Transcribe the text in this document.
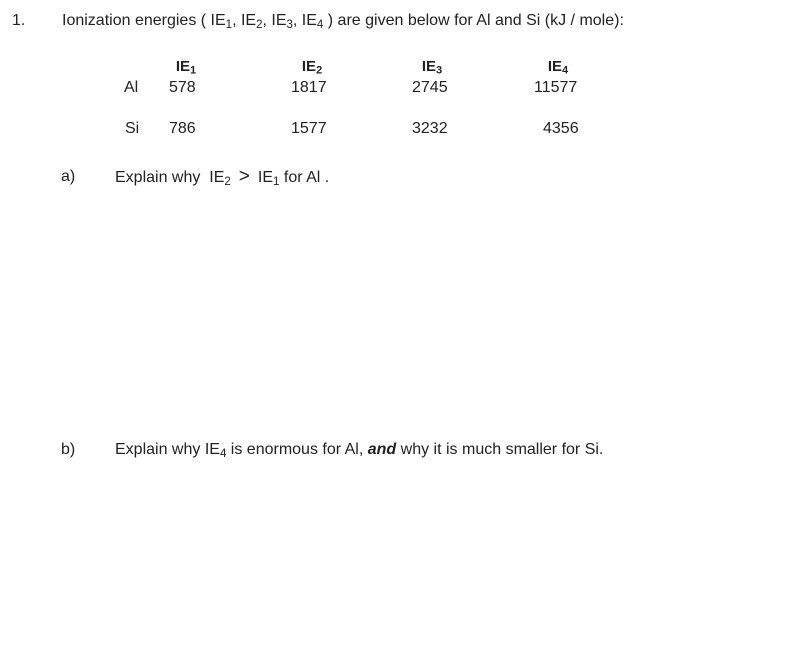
1. Ionization energies ( $IE_1$, $IE_2$, $IE_3$, $IE_4$ ) are given below for Al and Si (kJ / mole):
$IE_1$	$IE_2$	$IE_3$	$IE_4$
Al 578	1817	2745	11577
Si 786	1577	3232	4356
a) Explain why  $IE_2 > IE_1$ for Al .
b) Explain why $IE_4$ is enormous for Al, and why it is much smaller for Si.
